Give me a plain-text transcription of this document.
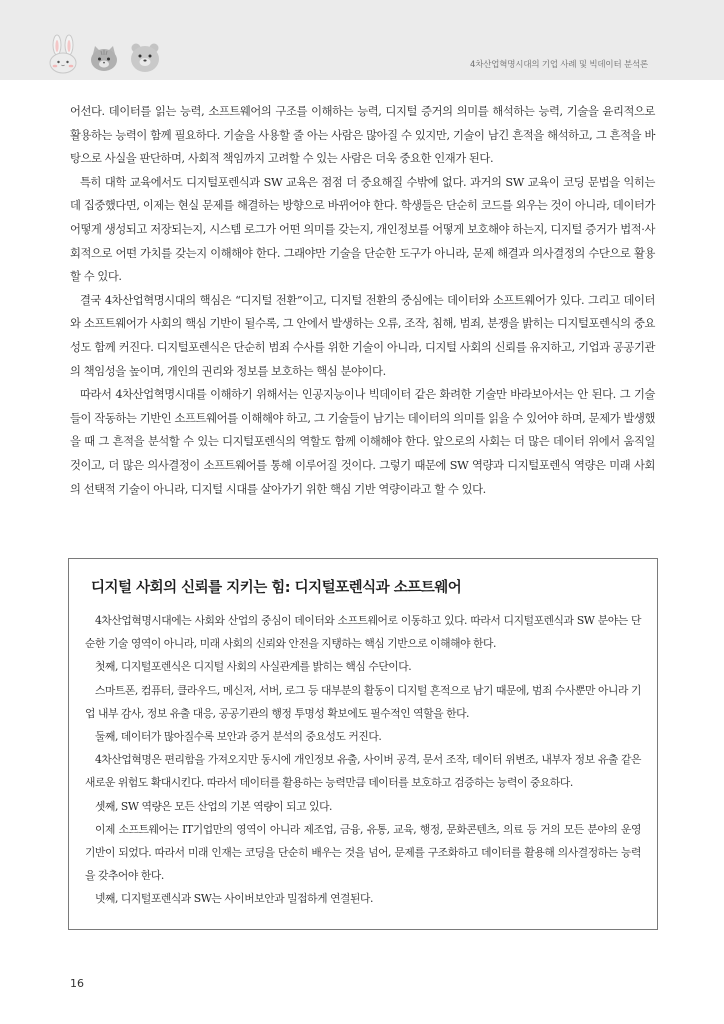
4차산업혁명시대의 기업 사례 및 빅데이터 분석론

어선다. 데이터를 읽는 능력, 소프트웨어의 구조를 이해하는 능력, 디지털 증거의 의미를 해석하는 능력, 기술을 윤리적으로 활용하는 능력이 함께 필요하다. 기술을 사용할 줄 아는 사람은 많아질 수 있지만, 기술이 남긴 흔적을 해석하고, 그 흔적을 바탕으로 사실을 판단하며, 사회적 책임까지 고려할 수 있는 사람은 더욱 중요한 인재가 된다.

특히 대학 교육에서도 디지털포렌식과 SW 교육은 점점 더 중요해질 수밖에 없다. 과거의 SW 교육이 코딩 문법을 익히는 데 집중했다면, 이제는 현실 문제를 해결하는 방향으로 바뀌어야 한다. 학생들은 단순히 코드를 외우는 것이 아니라, 데이터가 어떻게 생성되고 저장되는지, 시스템 로그가 어떤 의미를 갖는지, 개인정보를 어떻게 보호해야 하는지, 디지털 증거가 법적·사회적으로 어떤 가치를 갖는지 이해해야 한다. 그래야만 기술을 단순한 도구가 아니라, 문제 해결과 의사결정의 수단으로 활용할 수 있다.

결국 4차산업혁명시대의 핵심은 “디지털 전환”이고, 디지털 전환의 중심에는 데이터와 소프트웨어가 있다. 그리고 데이터와 소프트웨어가 사회의 핵심 기반이 될수록, 그 안에서 발생하는 오류, 조작, 침해, 범죄, 분쟁을 밝히는 디지털포렌식의 중요성도 함께 커진다. 디지털포렌식은 단순히 범죄 수사를 위한 기술이 아니라, 디지털 사회의 신뢰를 유지하고, 기업과 공공기관의 책임성을 높이며, 개인의 권리와 정보를 보호하는 핵심 분야이다.

따라서 4차산업혁명시대를 이해하기 위해서는 인공지능이나 빅데이터 같은 화려한 기술만 바라보아서는 안 된다. 그 기술들이 작동하는 기반인 소프트웨어를 이해해야 하고, 그 기술들이 남기는 데이터의 의미를 읽을 수 있어야 하며, 문제가 발생했을 때 그 흔적을 분석할 수 있는 디지털포렌식의 역할도 함께 이해해야 한다. 앞으로의 사회는 더 많은 데이터 위에서 움직일 것이고, 더 많은 의사결정이 소프트웨어를 통해 이루어질 것이다. 그렇기 때문에 SW 역량과 디지털포렌식 역량은 미래 사회의 선택적 기술이 아니라, 디지털 시대를 살아가기 위한 핵심 기반 역량이라고 할 수 있다.

디지털 사회의 신뢰를 지키는 힘: 디지털포렌식과 소프트웨어

4차산업혁명시대에는 사회와 산업의 중심이 데이터와 소프트웨어로 이동하고 있다. 따라서 디지털포렌식과 SW 분야는 단순한 기술 영역이 아니라, 미래 사회의 신뢰와 안전을 지탱하는 핵심 기반으로 이해해야 한다.

첫째, 디지털포렌식은 디지털 사회의 사실관계를 밝히는 핵심 수단이다.

스마트폰, 컴퓨터, 클라우드, 메신저, 서버, 로그 등 대부분의 활동이 디지털 흔적으로 남기 때문에, 범죄 수사뿐만 아니라 기업 내부 감사, 정보 유출 대응, 공공기관의 행정 투명성 확보에도 필수적인 역할을 한다.

둘째, 데이터가 많아질수록 보안과 증거 분석의 중요성도 커진다.

4차산업혁명은 편리함을 가져오지만 동시에 개인정보 유출, 사이버 공격, 문서 조작, 데이터 위변조, 내부자 정보 유출 같은 새로운 위험도 확대시킨다. 따라서 데이터를 활용하는 능력만큼 데이터를 보호하고 검증하는 능력이 중요하다.

셋째, SW 역량은 모든 산업의 기본 역량이 되고 있다.

이제 소프트웨어는 IT기업만의 영역이 아니라 제조업, 금융, 유통, 교육, 행정, 문화콘텐츠, 의료 등 거의 모든 분야의 운영 기반이 되었다. 따라서 미래 인재는 코딩을 단순히 배우는 것을 넘어, 문제를 구조화하고 데이터를 활용해 의사결정하는 능력을 갖추어야 한다.

넷째, 디지털포렌식과 SW는 사이버보안과 밀접하게 연결된다.

16
